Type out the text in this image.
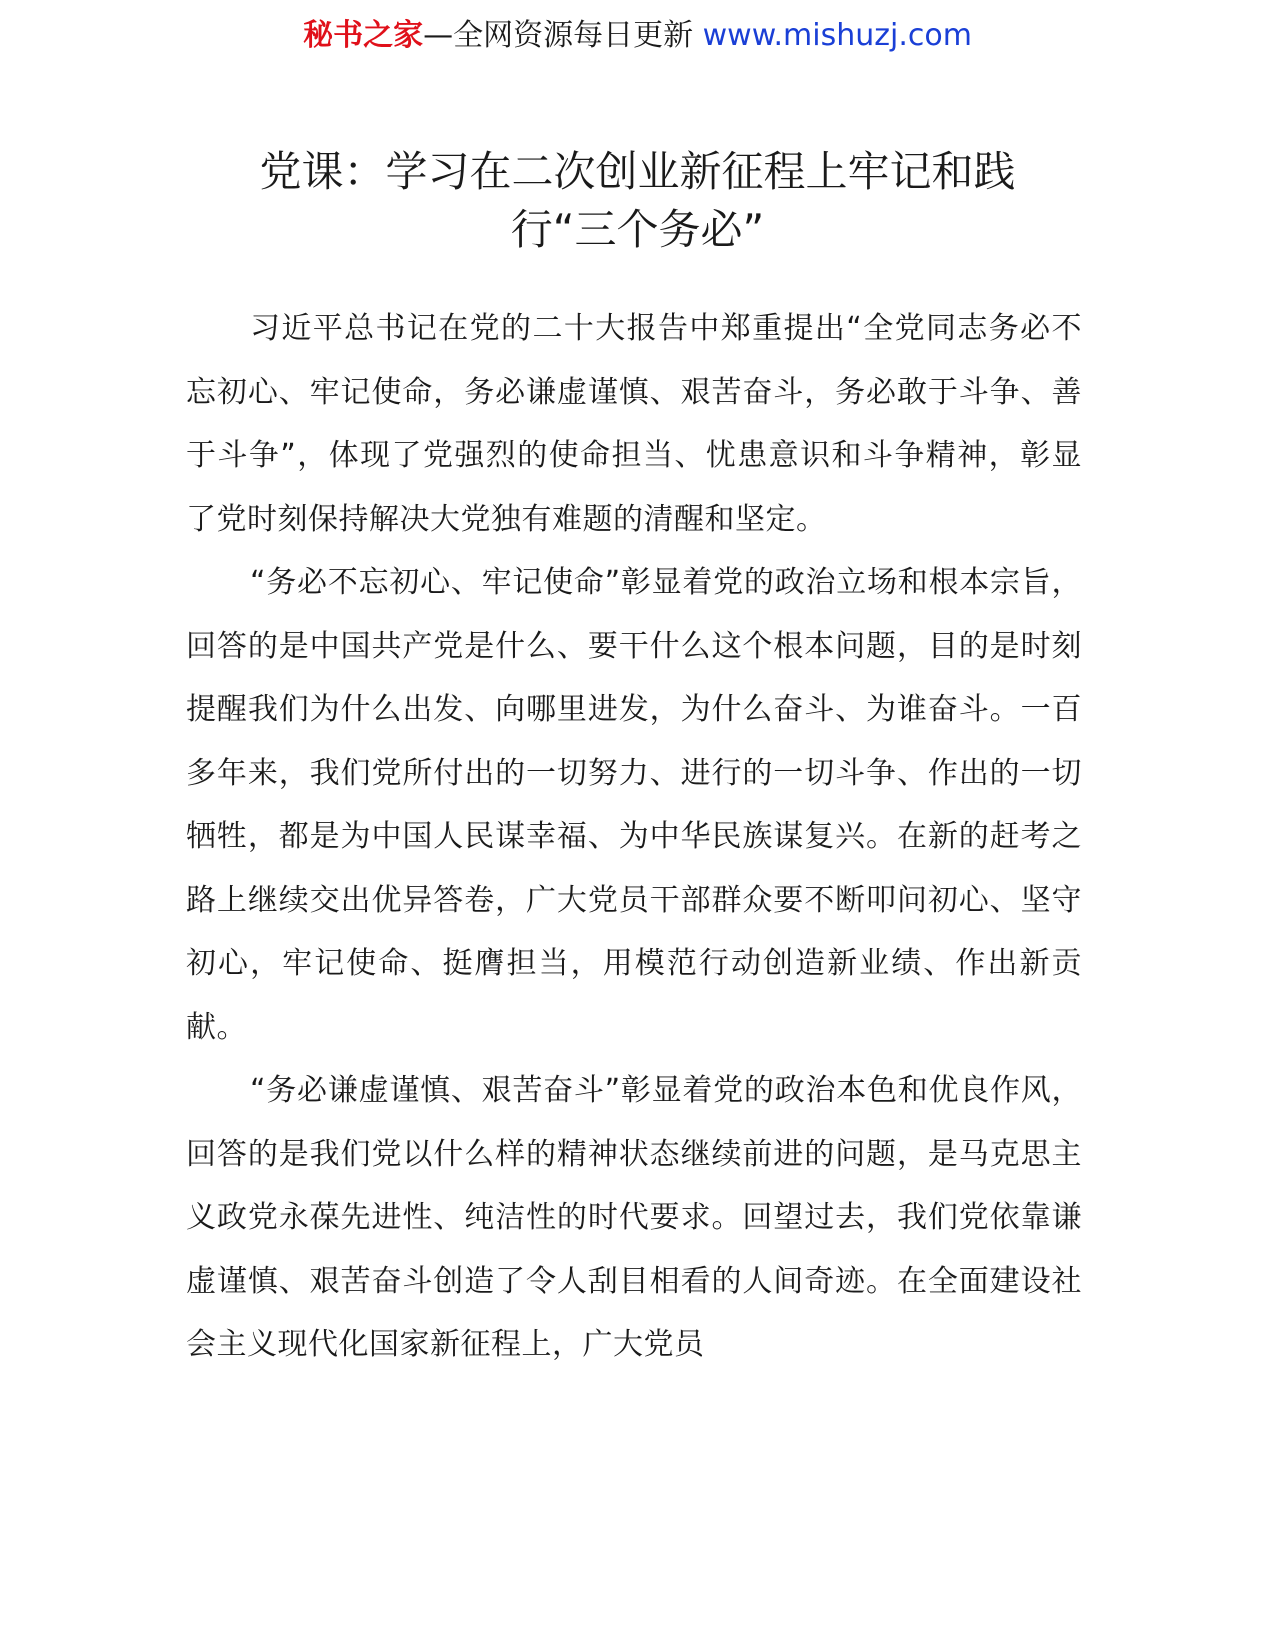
秘书之家—全网资源每日更新 www.mishuzj.com
党课：学习在二次创业新征程上牢记和践
行“三个务必”

习近平总书记在党的二十大报告中郑重提出“全党同志务必不忘初心、牢记使命，务必谦虚谨慎、艰苦奋斗，务必敢于斗争、善于斗争”，体现了党强烈的使命担当、忧患意识和斗争精神，彰显了党时刻保持解决大党独有难题的清醒和坚定。

“务必不忘初心、牢记使命”彰显着党的政治立场和根本宗旨，回答的是中国共产党是什么、要干什么这个根本问题，目的是时刻提醒我们为什么出发、向哪里进发，为什么奋斗、为谁奋斗。一百多年来，我们党所付出的一切努力、进行的一切斗争、作出的一切牺牲，都是为中国人民谋幸福、为中华民族谋复兴。在新的赶考之路上继续交出优异答卷，广大党员干部群众要不断叩问初心、坚守初心，牢记使命、挺膺担当，用模范行动创造新业绩、作出新贡献。

“务必谦虚谨慎、艰苦奋斗”彰显着党的政治本色和优良作风，回答的是我们党以什么样的精神状态继续前进的问题，是马克思主义政党永葆先进性、纯洁性的时代要求。回望过去，我们党依靠谦虚谨慎、艰苦奋斗创造了令人刮目相看的人间奇迹。在全面建设社会主义现代化国家新征程上，广大党员
